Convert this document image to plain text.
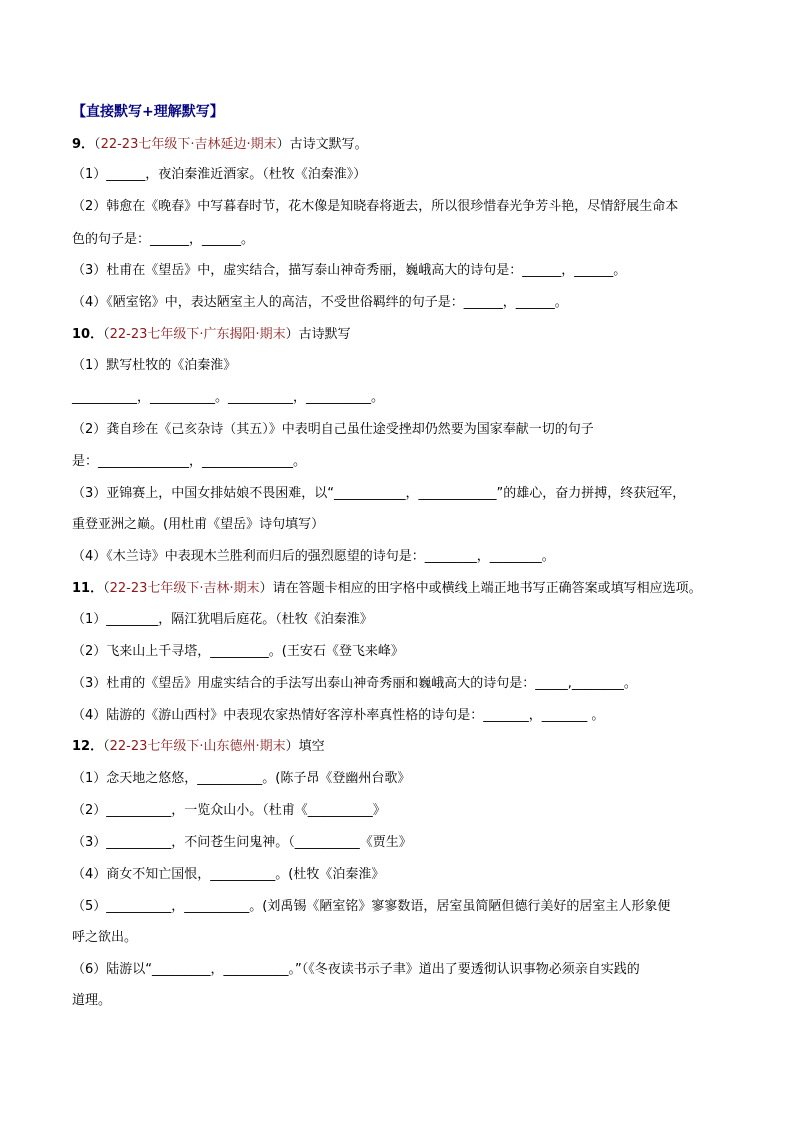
【直接默写+理解默写】
9．（22-23七年级下·吉林延边·期末）古诗文默写。
（1）______，夜泊秦淮近酒家。（杜牧《泊秦淮》）
（2）韩愈在《晚春》中写暮春时节，花木像是知晓春将逝去，所以很珍惜春光争芳斗艳，尽情舒展生命本
色的句子是：______，______。
（3）杜甫在《望岳》中，虚实结合，描写泰山神奇秀丽，巍峨高大的诗句是：______，______。
（4）《陋室铭》中，表达陋室主人的高洁，不受世俗羁绊的句子是：______，______。
10．（22-23七年级下·广东揭阳·期末）古诗默写
（1）默写杜牧的《泊秦淮》
__________，__________。__________，__________。
（2）龚自珍在《己亥杂诗（其五）》中表明自己虽仕途受挫却仍然要为国家奉献一切的句子
是：______________，______________。
（3）亚锦赛上，中国女排姑娘不畏困难，以“___________，____________”的雄心，奋力拼搏，终获冠军，
重登亚洲之巅。(用杜甫《望岳》诗句填写）
（4）《木兰诗》中表现木兰胜利而归后的强烈愿望的诗句是：________，________。
11．（22-23七年级下·吉林·期末）请在答题卡相应的田字格中或横线上端正地书写正确答案或填写相应选项。
（1）________，隔江犹唱后庭花。（杜牧《泊秦淮》
（2）飞来山上千寻塔，_________。(王安石《登飞来峰》
（3）杜甫的《望岳》用虚实结合的手法写出泰山神奇秀丽和巍峨高大的诗句是：_____,________。
（4）陆游的《游山西村》中表现农家热情好客淳朴率真性格的诗句是：_______，_______ 。
12．（22-23七年级下·山东德州·期末）填空
（1）念天地之悠悠，__________。(陈子昂《登幽州台歌》
（2）__________，一览众山小。（杜甫《__________》
（3）__________，不问苍生问鬼神。（__________《贾生》
（4）商女不知亡国恨，__________。(杜牧《泊秦淮》
（5）__________，__________。(刘禹锡《陋室铭》寥寥数语，居室虽简陋但德行美好的居室主人形象便
呼之欲出。
（6）陆游以“_________，__________。”（《冬夜读书示子聿》道出了要透彻认识事物必须亲自实践的
道理。
